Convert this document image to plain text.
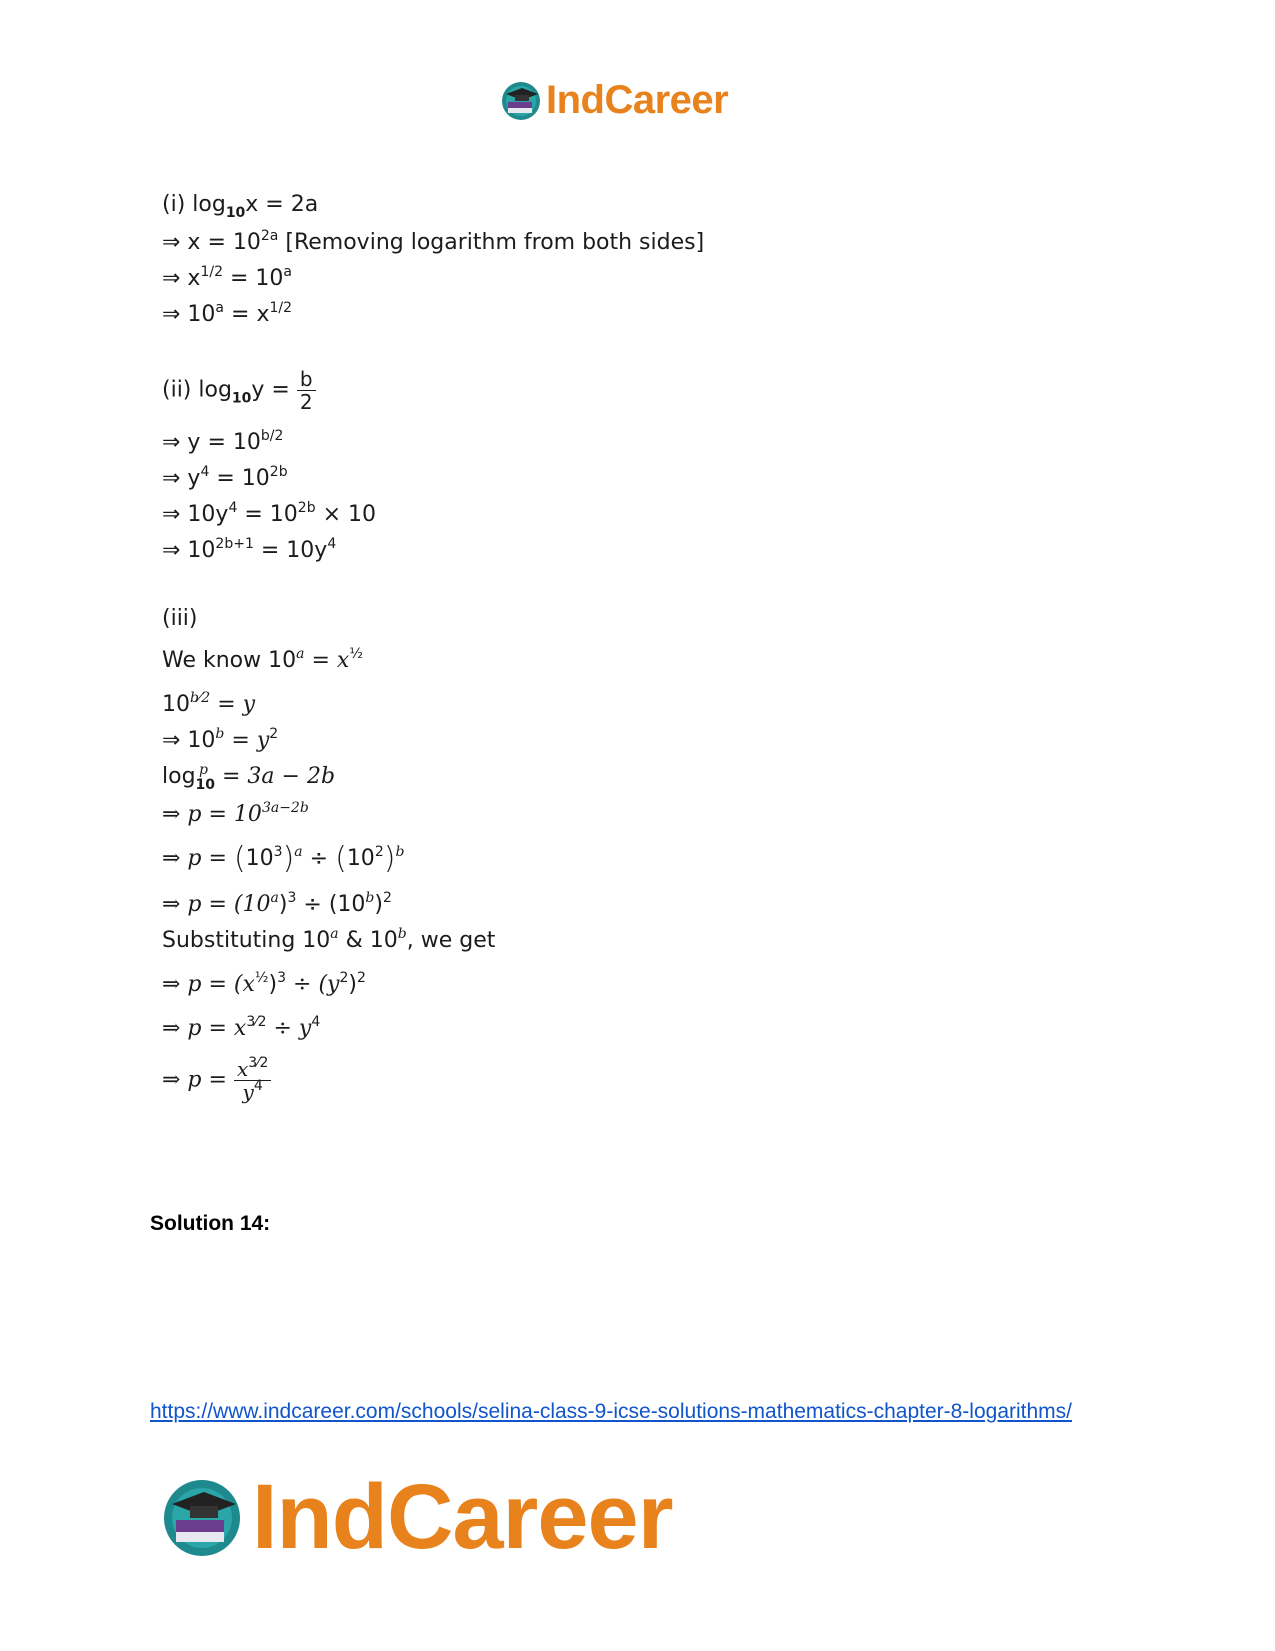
IndCareer
(i) $\log_{10}x = 2a$
⇒ $x = 10^{2a}$ [Removing logarithm from both sides]
⇒ $x^{1/2} = 10^a$
⇒ $10^a = x^{1/2}$
(ii) $\log_{10}y = \frac{b}{2}$
⇒ $y = 10^{b/2}$
⇒ $y^4 = 10^{2b}$
⇒ $10y^4 = 10^{2b} \times 10$
⇒ $10^{2b+1} = 10y^4$
(iii)
We know $10^a = x^{\frac{1}{2}}$
$10^{b⁄2} = y$
⇒ $10^b = y^2$
$\log_{10}^p = 3a - 2b$
⇒ $p = 10^{3a-2b}$
⇒ $p = (10^3)^a \div (10^2)^b$
⇒ $p = (10^a)^3 \div (10^b)^2$
Substituting 10$^a$ & 10$^b$, we get
⇒ $p = (x^{\frac{1}{2}})^3 \div (y^2)^2$
⇒ $p = x^{3⁄2} \div y^4$
⇒ $p = \frac{x^{3⁄2}}{y^4}$
Solution 14:
https://www.indcareer.com/schools/selina-class-9-icse-solutions-mathematics-chapter-8-logarithms/
IndCareer
